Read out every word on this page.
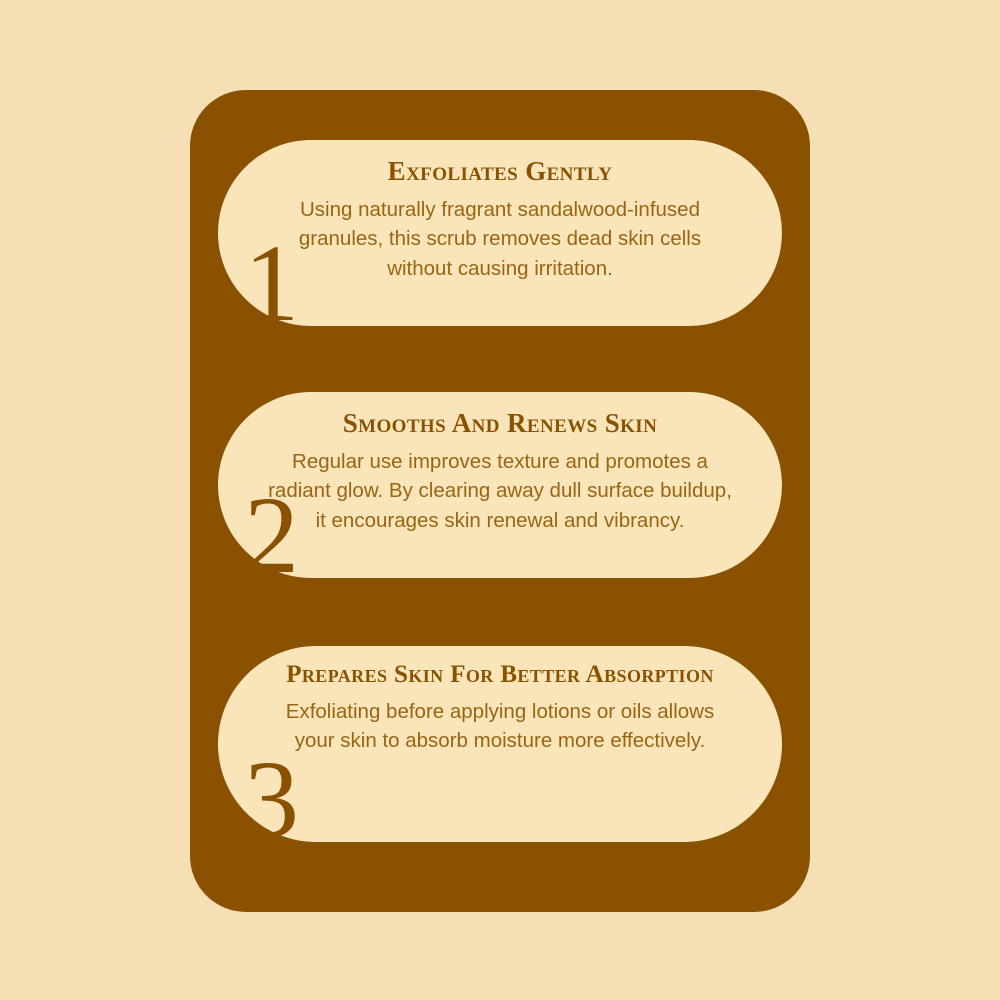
1
Exfoliates Gently

Using naturally fragrant sandalwood-infused granules, this scrub removes dead skin cells without causing irritation.

2
Smooths And Renews Skin

Regular use improves texture and promotes a radiant glow. By clearing away dull surface buildup, it encourages skin renewal and vibrancy.

3
Prepares Skin For Better Absorption

Exfoliating before applying lotions or oils allows your skin to absorb moisture more effectively.
